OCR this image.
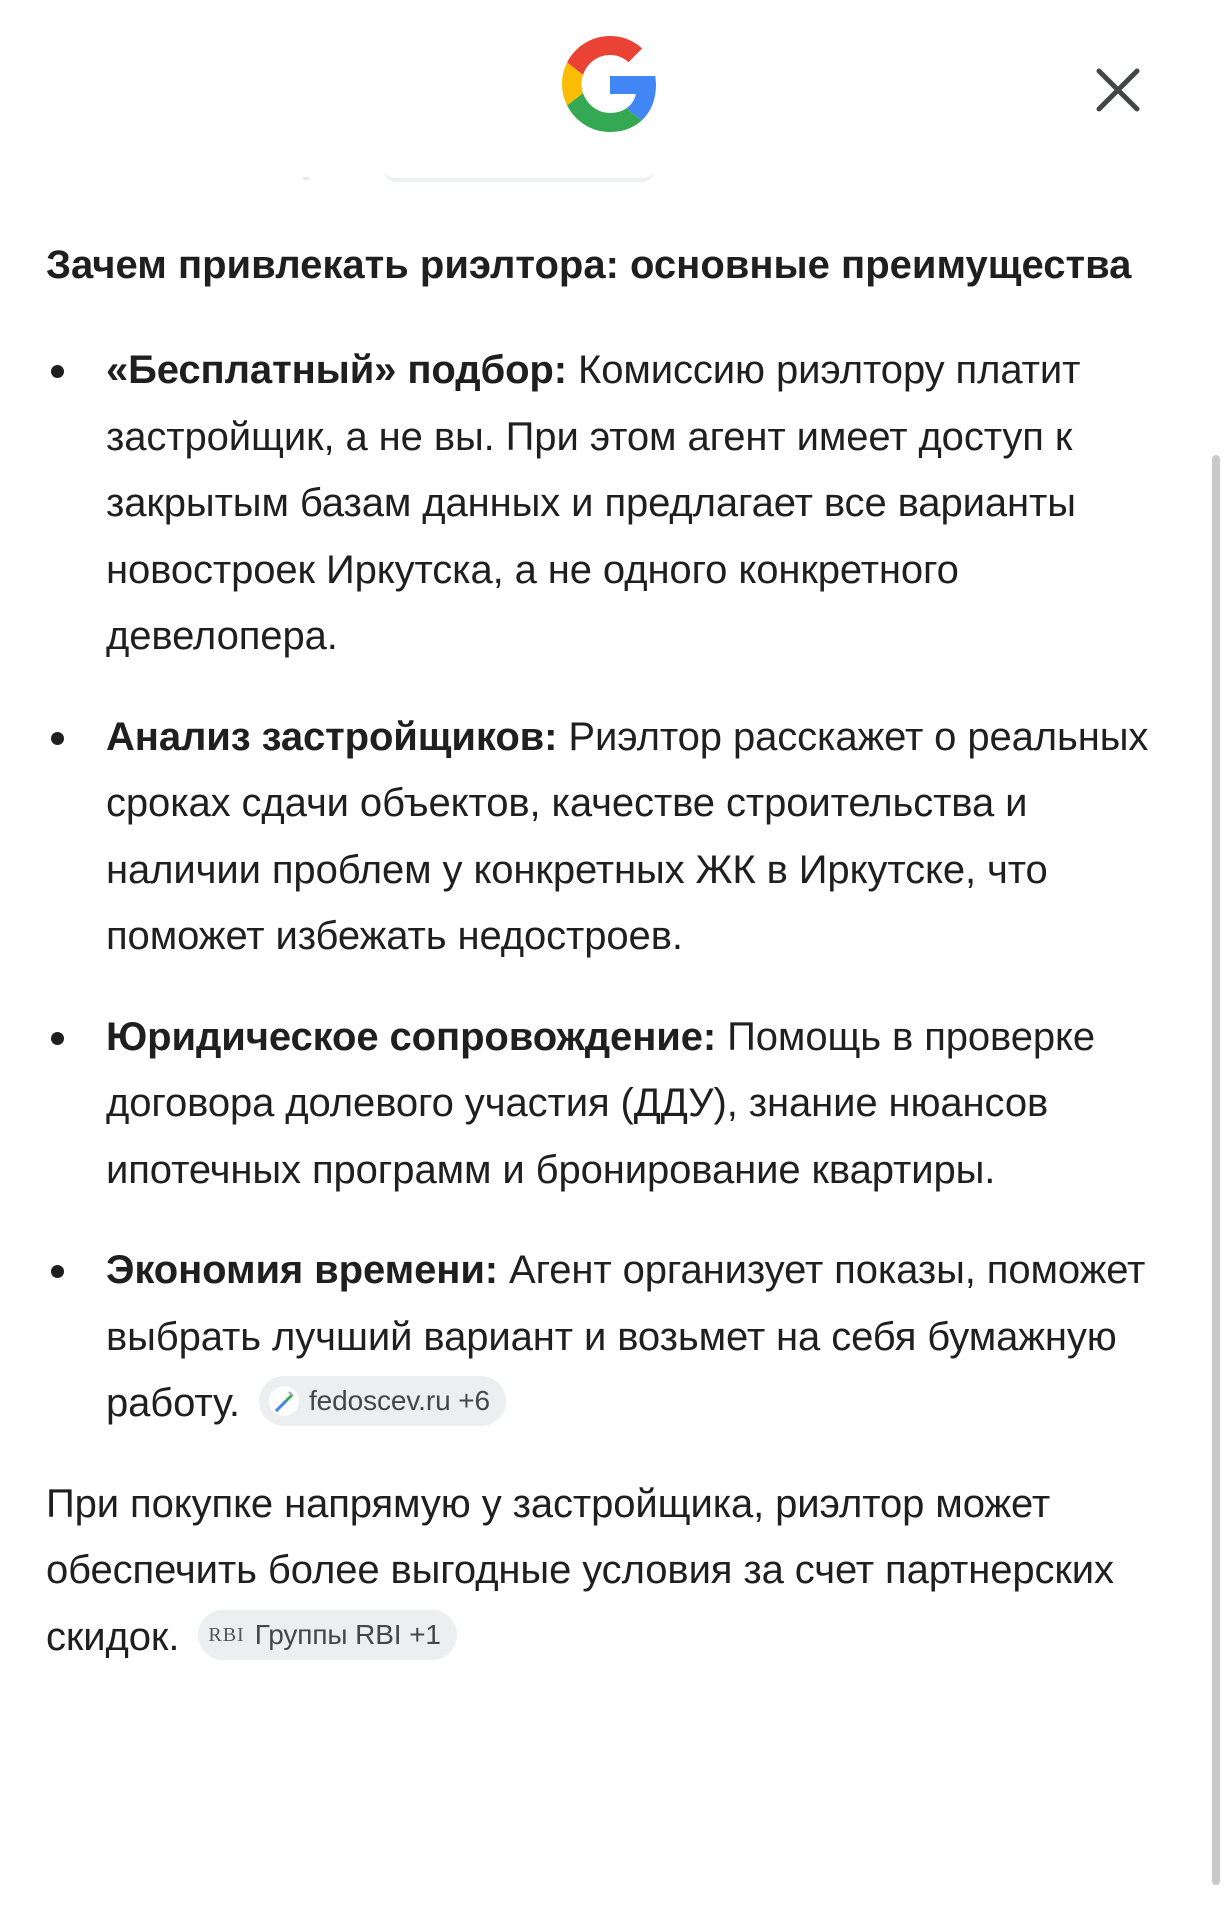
Зачем привлекать риэлтора: основные преимущества
«Бесплатный» подбор: Комиссию риэлтору платит застройщик, а не вы. При этом агент имеет доступ к закрытым базам данных и предлагает все варианты новостроек Иркутска, а не одного конкретного девелопера.
Анализ застройщиков: Риэлтор расскажет о реальных сроках сдачи объектов, качестве строительства и наличии проблем у конкретных ЖК в Иркутске, что поможет избежать недостроев.
Юридическое сопровождение: Помощь в проверке договора долевого участия (ДДУ), знание нюансов ипотечных программ и бронирование квартиры.
Экономия времени: Агент организует показы, поможет выбрать лучший вариант и возьмет на себя бумажную работу. fedoscev.ru +6

При покупке напрямую у застройщика, риэлтор может обеспечить более выгодные условия за счет партнерских скидок. RBI Группы RBI +1
